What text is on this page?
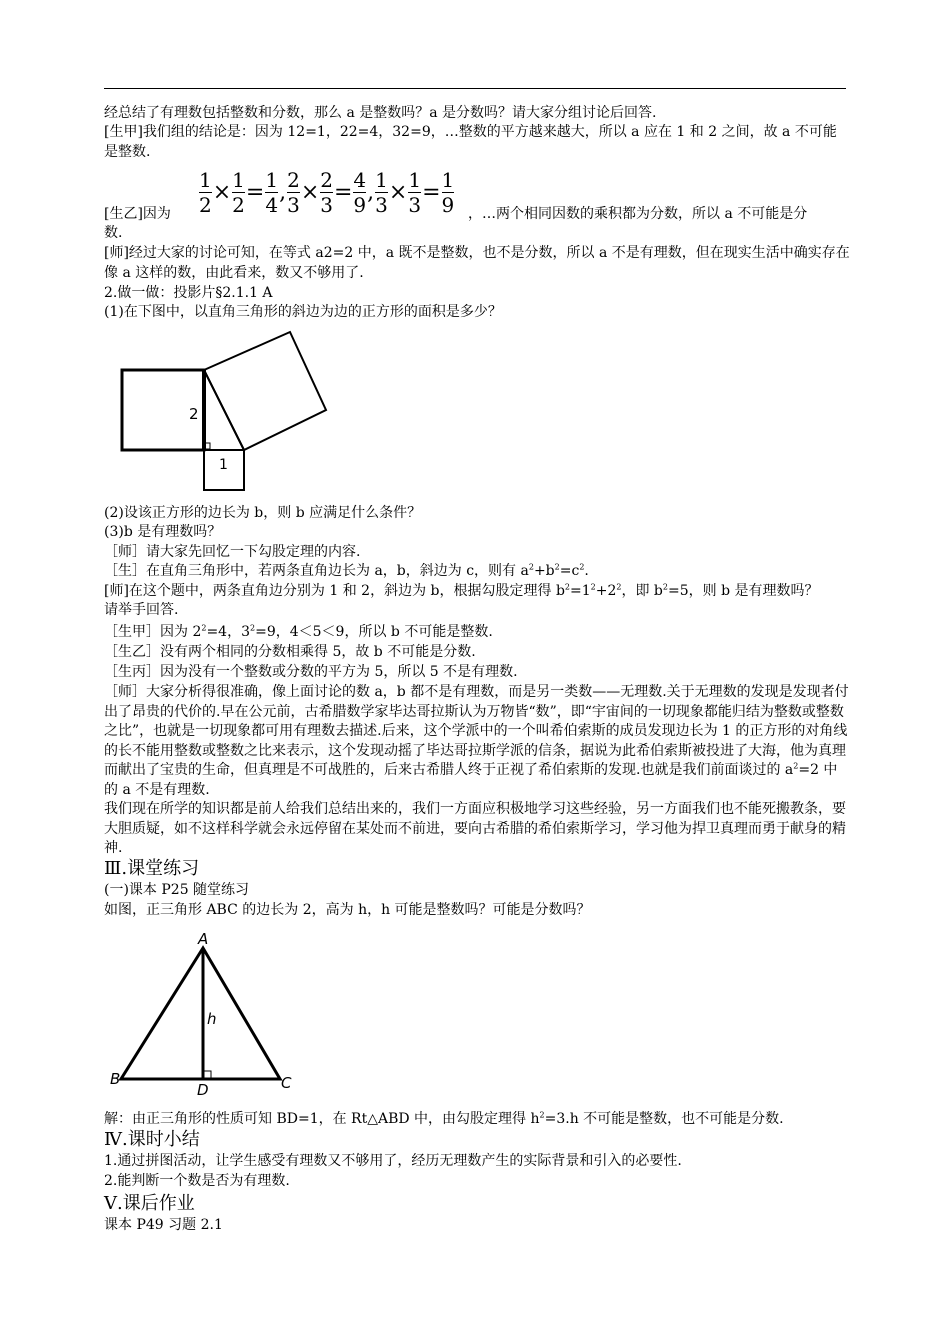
经总结了有理数包括整数和分数，那么 a 是整数吗？a 是分数吗？请大家分组讨论后回答.
[生甲]我们组的结论是：因为 12=1，22=4，32=9，…整数的平方越来越大，所以 a 应在 1 和 2 之间，故 a 不可能是整数.
$\frac{1}{2} \times \frac{1}{2} = \frac{1}{4}$ , $\frac{2}{3} \times \frac{2}{3} = \frac{4}{9}$ , $\frac{1}{3} \times \frac{1}{3} = \frac{1}{9}$
[生乙]因为	，…两个相同因数的乘积都为分数，所以 a 不可能是分
数.
[师]经过大家的讨论可知，在等式 a2=2 中，a 既不是整数，也不是分数，所以 a 不是有理数，但在现实生活中确实存在像 a 这样的数，由此看来，数又不够用了.
2.做一做：投影片§2.1.1 A
(1)在下图中，以直角三角形的斜边为边的正方形的面积是多少？
2
1
(2)设该正方形的边长为 b，则 b 应满足什么条件？
(3)b 是有理数吗？
［师］请大家先回忆一下勾股定理的内容.
［生］在直角三角形中，若两条直角边长为 a，b，斜边为 c，则有 $a^2+b^2=c^2$.
[师]在这个题中，两条直角边分别为 1 和 2，斜边为 b，根据勾股定理得 $b^2=1^2+2^2$，即 $b^2=5$，则 b 是有理数吗？
请举手回答.
［生甲］因为 $2^2=4$，$3^2=9$，4＜5＜9，所以 b 不可能是整数.
［生乙］没有两个相同的分数相乘得 5，故 b 不可能是分数.
［生丙］因为没有一个整数或分数的平方为 5，所以 5 不是有理数.
［师］大家分析得很准确，像上面讨论的数 a，b 都不是有理数，而是另一类数——无理数.关于无理数的发现是发现者付出了昂贵的代价的.早在公元前，古希腊数学家毕达哥拉斯认为万物皆“数”，即“宇宙间的一切现象都能归结为整数或整数之比”，也就是一切现象都可用有理数去描述.后来，这个学派中的一个叫希伯索斯的成员发现边长为 1 的正方形的对角线的长不能用整数或整数之比来表示，这个发现动摇了毕达哥拉斯学派的信条，据说为此希伯索斯被投进了大海，他为真理而献出了宝贵的生命，但真理是不可战胜的，后来古希腊人终于正视了希伯索斯的发现.也就是我们前面谈过的 $a^2=2$ 中的 a 不是有理数.
我们现在所学的知识都是前人给我们总结出来的，我们一方面应积极地学习这些经验，另一方面我们也不能死搬教条，要大胆质疑，如不这样科学就会永远停留在某处而不前进，要向古希腊的希伯索斯学习，学习他为捍卫真理而勇于献身的精神.
Ⅲ.课堂练习
(一)课本 P25 随堂练习
如图，正三角形 ABC 的边长为 2，高为 h，h 可能是整数吗？可能是分数吗？
A
B	C
D
h
解：由正三角形的性质可知 BD=1，在 Rt△ABD 中，由勾股定理得 $h^2=3.h$ 不可能是整数，也不可能是分数.
Ⅳ.课时小结
1.通过拼图活动，让学生感受有理数又不够用了，经历无理数产生的实际背景和引入的必要性.
2.能判断一个数是否为有理数.
Ⅴ.课后作业
课本 P49 习题 2.1
